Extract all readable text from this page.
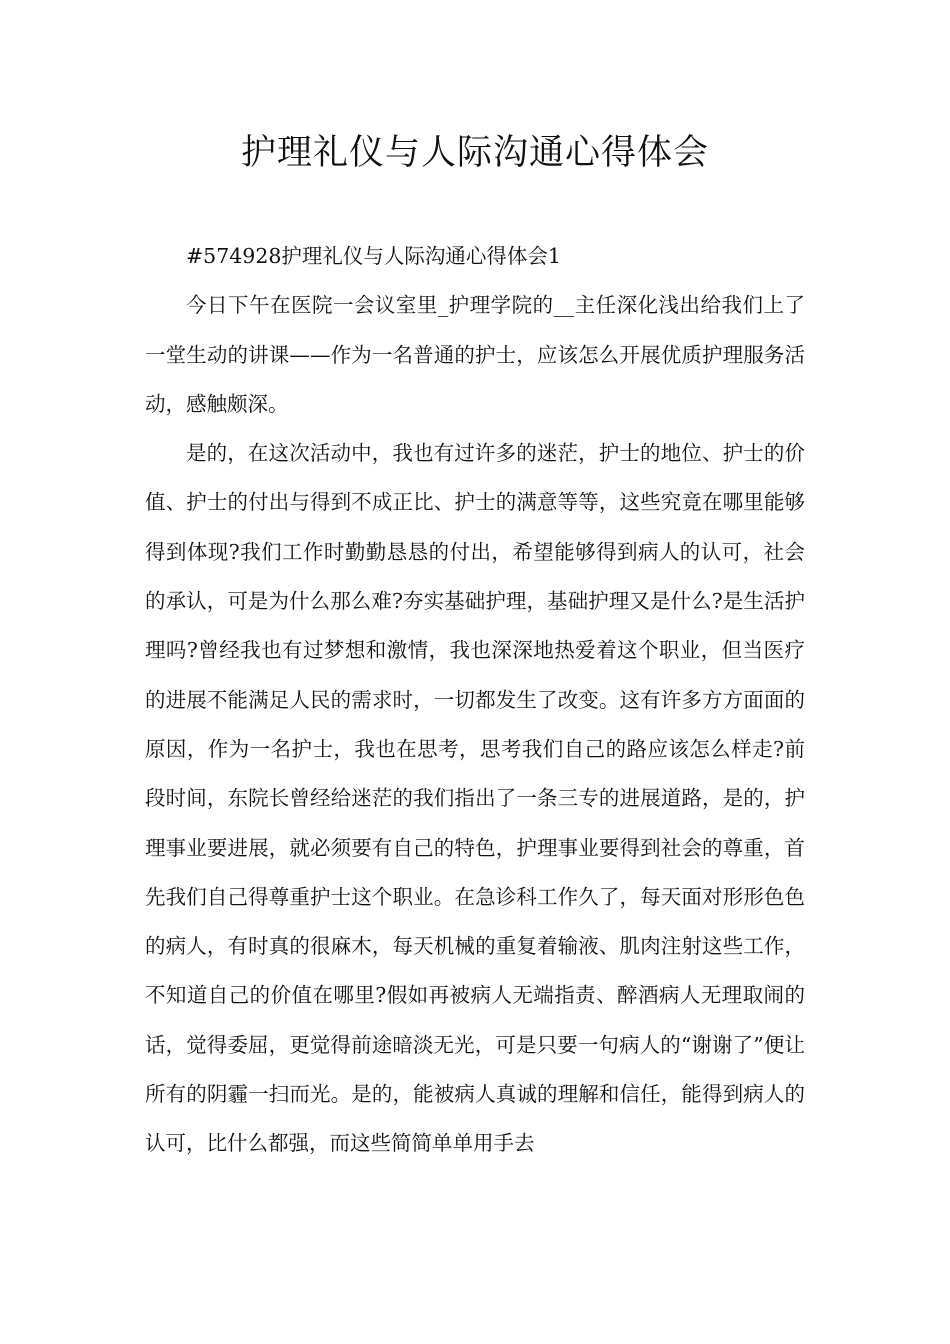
护理礼仪与人际沟通心得体会

#574928护理礼仪与人际沟通心得体会1

今日下午在医院一会议室里_护理学院的__主任深化浅出给我们上了一堂生动的讲课——作为一名普通的护士，应该怎么开展优质护理服务活动，感触颇深。

是的，在这次活动中，我也有过许多的迷茫，护士的地位、护士的价值、护士的付出与得到不成正比、护士的满意等等，这些究竟在哪里能够得到体现?我们工作时勤勤恳恳的付出，希望能够得到病人的认可，社会的承认，可是为什么那么难?夯实基础护理，基础护理又是什么?是生活护理吗?曾经我也有过梦想和激情，我也深深地热爱着这个职业，但当医疗的进展不能满足人民的需求时，一切都发生了改变。这有许多方方面面的原因，作为一名护士，我也在思考，思考我们自己的路应该怎么样走?前段时间，东院长曾经给迷茫的我们指出了一条三专的进展道路，是的，护理事业要进展，就必须要有自己的特色，护理事业要得到社会的尊重，首先我们自己得尊重护士这个职业。在急诊科工作久了，每天面对形形色色的病人，有时真的很麻木，每天机械的重复着输液、肌肉注射这些工作，不知道自己的价值在哪里?假如再被病人无端指责、醉酒病人无理取闹的话，觉得委屈，更觉得前途暗淡无光，可是只要一句病人的“谢谢了”便让所有的阴霾一扫而光。是的，能被病人真诚的理解和信任，能得到病人的认可，比什么都强，而这些简简单单用手去
